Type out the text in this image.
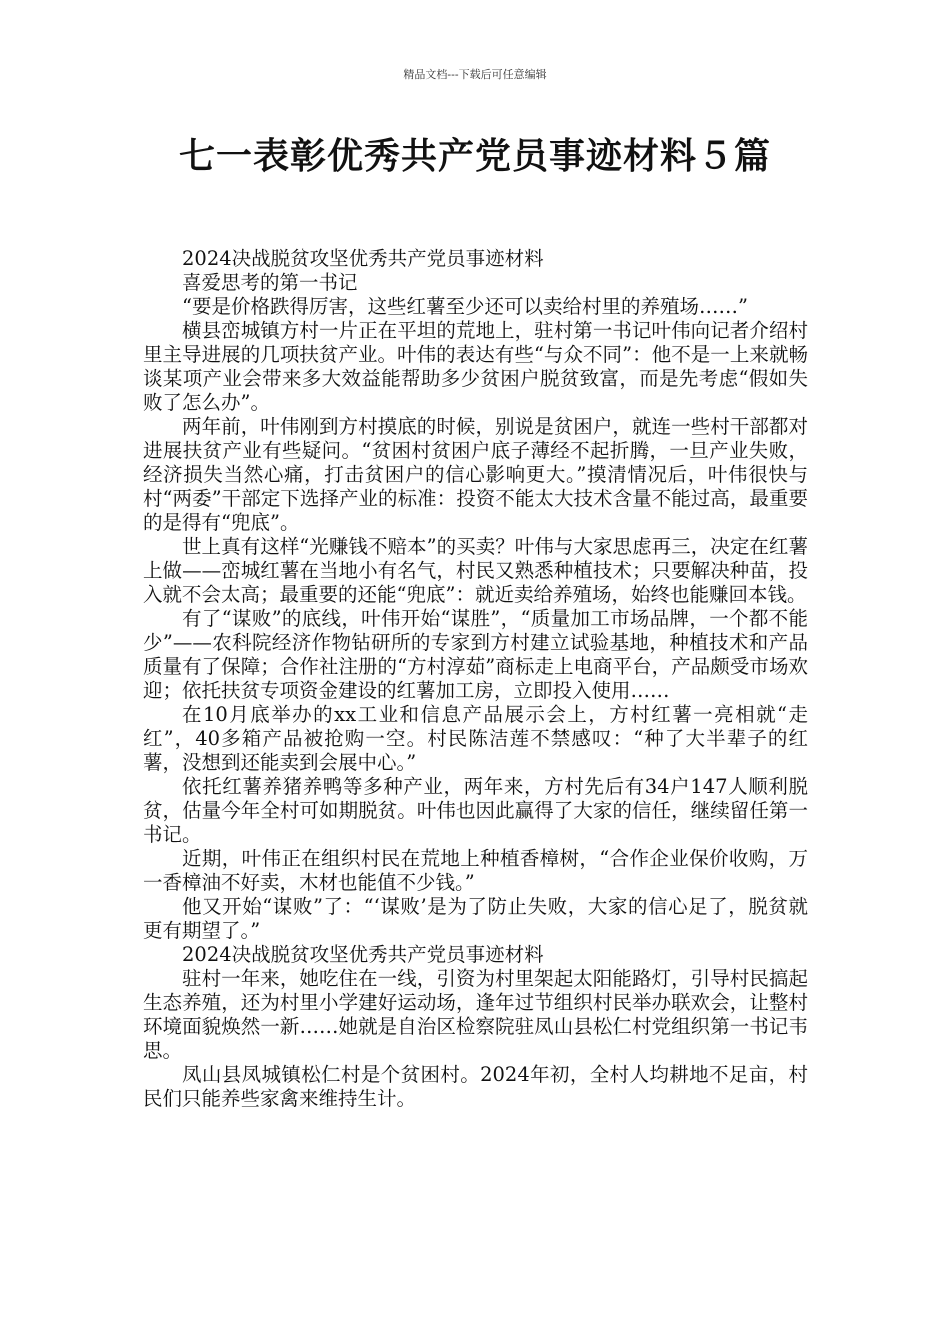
精品文档---下载后可任意编辑
七一表彰优秀共产党员事迹材料５篇

2024决战脱贫攻坚优秀共产党员事迹材料

喜爱思考的第一书记

“要是价格跌得厉害，这些红薯至少还可以卖给村里的养殖场……”

横县峦城镇方村一片正在平坦的荒地上，驻村第一书记叶伟向记者介绍村里主导进展的几项扶贫产业。叶伟的表达有些“与众不同”：他不是一上来就畅谈某项产业会带来多大效益能帮助多少贫困户脱贫致富，而是先考虑“假如失败了怎么办”。

两年前，叶伟刚到方村摸底的时候，别说是贫困户，就连一些村干部都对进展扶贫产业有些疑问。“贫困村贫困户底子薄经不起折腾，一旦产业失败，经济损失当然心痛，打击贫困户的信心影响更大。”摸清情况后，叶伟很快与村“两委”干部定下选择产业的标准：投资不能太大技术含量不能过高，最重要的是得有“兜底”。

世上真有这样“光赚钱不赔本”的买卖？叶伟与大家思虑再三，决定在红薯上做——峦城红薯在当地小有名气，村民又熟悉种植技术；只要解决种苗，投入就不会太高；最重要的还能“兜底”：就近卖给养殖场，始终也能赚回本钱。

有了“谋败”的底线，叶伟开始“谋胜”，“质量加工市场品牌，一个都不能少”——农科院经济作物钻研所的专家到方村建立试验基地，种植技术和产品质量有了保障；合作社注册的“方村淳茹”商标走上电商平台，产品颇受市场欢迎；依托扶贫专项资金建设的红薯加工房，立即投入使用……

在10月底举办的xx工业和信息产品展示会上，方村红薯一亮相就“走红”，40多箱产品被抢购一空。村民陈洁莲不禁感叹：“种了大半辈子的红薯，没想到还能卖到会展中心。”

依托红薯养猪养鸭等多种产业，两年来，方村先后有34户147人顺利脱贫，估量今年全村可如期脱贫。叶伟也因此赢得了大家的信任，继续留任第一书记。

近期，叶伟正在组织村民在荒地上种植香樟树，“合作企业保价收购，万一香樟油不好卖，木材也能值不少钱。”

他又开始“谋败”了：“‘谋败’是为了防止失败，大家的信心足了，脱贫就更有期望了。”

2024决战脱贫攻坚优秀共产党员事迹材料

驻村一年来，她吃住在一线，引资为村里架起太阳能路灯，引导村民搞起生态养殖，还为村里小学建好运动场，逢年过节组织村民举办联欢会，让整村环境面貌焕然一新……她就是自治区检察院驻凤山县松仁村党组织第一书记韦思。

凤山县凤城镇松仁村是个贫困村。2024年初，全村人均耕地不足亩，村民们只能养些家禽来维持生计。
